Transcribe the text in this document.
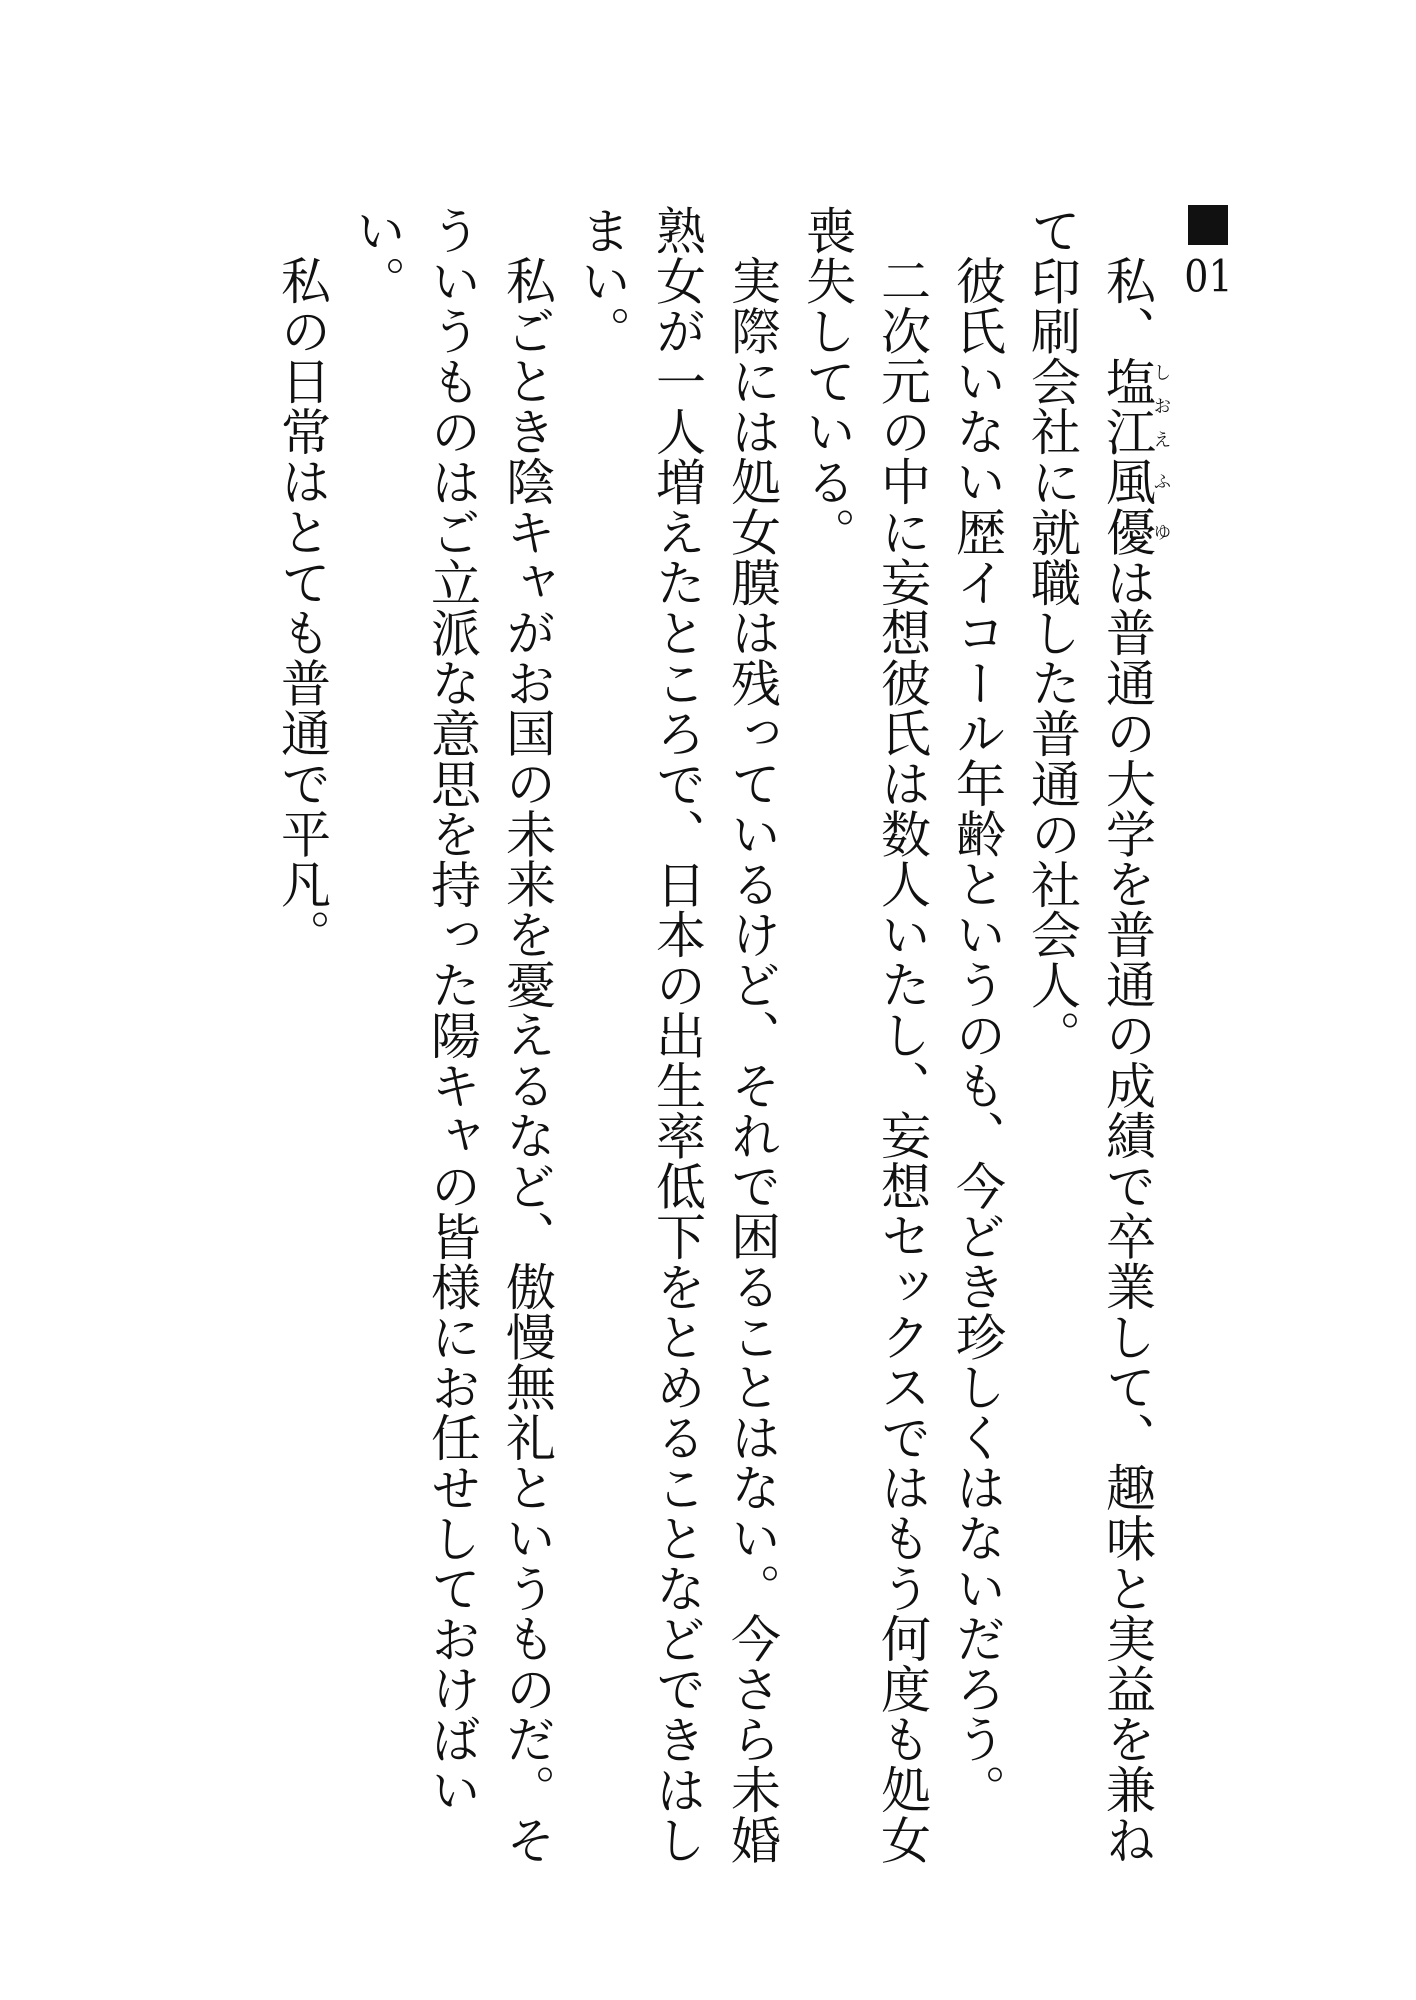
01

私、塩江しおえ風優ふゆは普通の大学を普通の成績で卒業して、趣味と実益を兼ねて印刷会社に就職した普通の社会人。

彼氏いない歴イコール年齢というのも、今どき珍しくはないだろう。

二次元の中に妄想彼氏は数人いたし、妄想セックスではもう何度も処女喪失している。

実際には処女膜は残っているけど、それで困ることはない。今さら未婚熟女が一人増えたところで、日本の出生率低下をとめることなどできはしまい。

私ごとき陰キャがお国の未来を憂えるなど、傲慢無礼というものだ。そういうものはご立派な意思を持った陽キャの皆様にお任せしておけばいい。

私の日常はとても普通で平凡。
